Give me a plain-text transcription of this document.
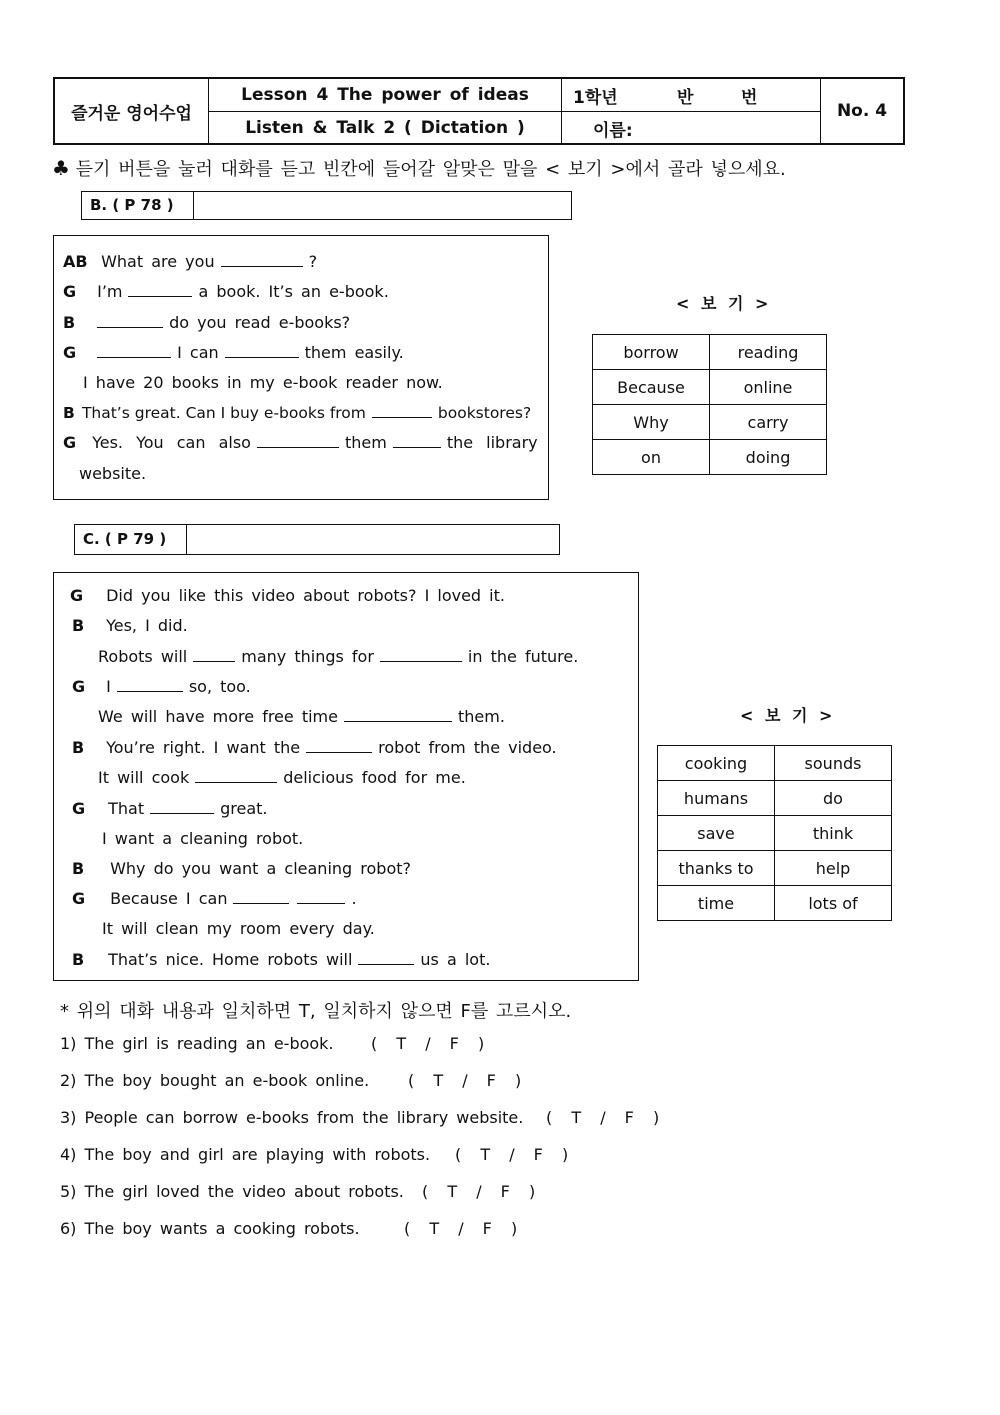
즐거운 영어수업
Lesson 4 The power of ideas
Listen & Talk 2 ( Dictation )
1학년	반	번
이름:
No. 4
♣ 듣기 버튼을 눌러 대화를 듣고 빈칸에 들어갈 알맞은 말을 < 보기 >에서 골라 넣으세요.
B. ( P 78 )
AB What are you	?
G I’m	a book. It’s an e-book.
B	do you read e-books?
G	I can	them easily.
I have 20 books in my e-book reader now.
B That’s great. Can I buy e-books from	bookstores?
G Yes. You can also	them	the library
website.
< 보 기 >
borrow	reading
Because	online
Why	carry
on	doing
C. ( P 79 )
G Did you like this video about robots? I loved it.
B Yes, I did.
Robots will	many things for	in the future.
G I	so, too.
We will have more free time	them.
B You’re right. I want the	robot from the video.
It will cook	delicious food for me.
G That	great.
I want a cleaning robot.
B Why do you want a cleaning robot?
G Because I can	.
It will clean my room every day.
B That’s nice. Home robots will	us a lot.
< 보 기 >
cooking	sounds
humans	do
save	think
thanks to	help
time	lots of
* 위의 대화 내용과 일치하면 T, 일치하지 않으면 F를 고르시오.
1) The girl is reading an e-book. ( T / F )
2) The boy bought an e-book online. ( T / F )
3) People can borrow e-books from the library website. ( T / F )
4) The boy and girl are playing with robots. ( T / F )
5) The girl loved the video about robots. ( T / F )
6) The boy wants a cooking robots.	( T / F )
